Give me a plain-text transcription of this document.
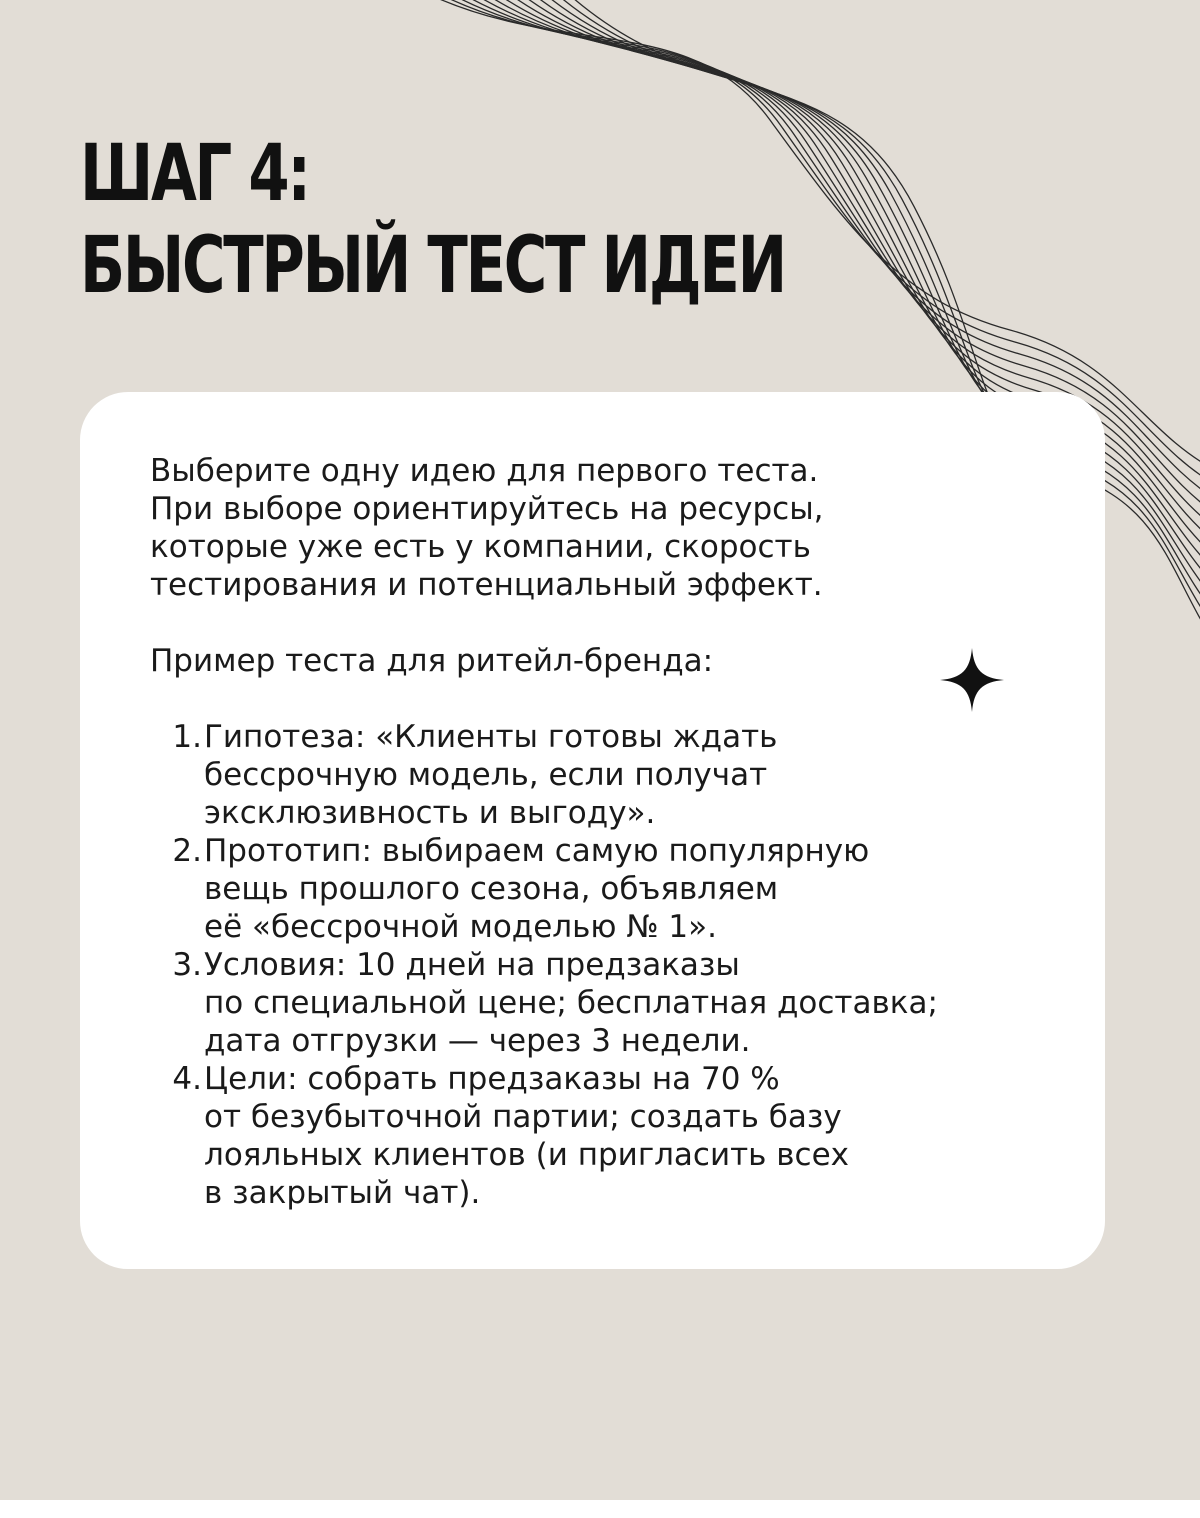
ШАГ 4:
БЫСТРЫЙ ТЕСТ ИДЕИ

Выберите одну идею для первого теста.

При выборе ориентируйтесь на ресурсы,

которые уже есть у компании, скорость

тестирования и потенциальный эффект.

Пример теста для ритейл-бренда:

1. Гипотеза: «Клиенты готовы ждать
бессрочную модель, если получат
эксклюзивность и выгоду».
2. Прототип: выбираем самую популярную
вещь прошлого сезона, объявляем
её «бессрочной моделью № 1».
3. Условия: 10 дней на предзаказы
по специальной цене; бесплатная доставка;
дата отгрузки — через 3 недели.
4. Цели: собрать предзаказы на 70 %
от безубыточной партии; создать базу
лояльных клиентов (и пригласить всех
в закрытый чат).
